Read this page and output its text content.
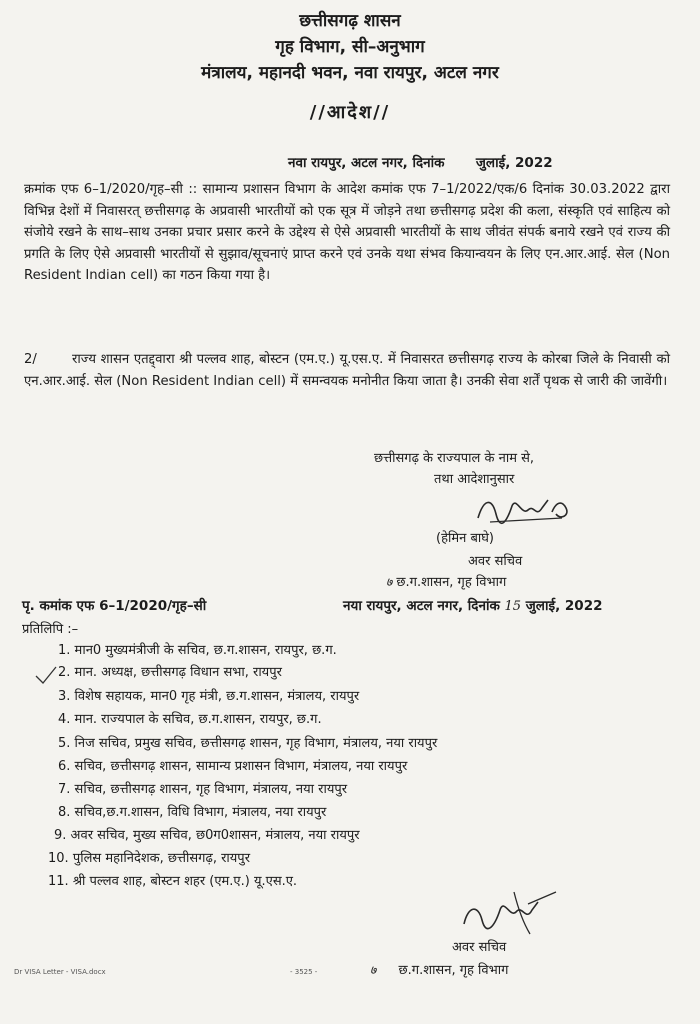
छत्तीसगढ़ शासन
गृह विभाग, सी–अनुभाग
मंत्रालय, महानदी भवन, नवा रायपुर, अटल नगर
//आदेश//
नवा रायपुर, अटल नगर, दिनांक जुलाई, 2022
क्रमांक एफ 6–1/2020/गृह–सी :: सामान्य प्रशासन विभाग के आदेश कमांक एफ 7–1/2022/एक/6 दिनांक 30.03.2022 द्वारा विभिन्न देशों में निवासरत् छत्तीसगढ़ के अप्रवासी भारतीयों को एक सूत्र में जोड़ने तथा छत्तीसगढ़ प्रदेश की कला, संस्कृति एवं साहित्य को संजोये रखने के साथ–साथ उनका प्रचार प्रसार करने के उद्देश्य से ऐसे अप्रवासी भारतीयों के साथ जीवंत संपर्क बनाये रखने एवं राज्य की प्रगति के लिए ऐसे अप्रवासी भारतीयों से सुझाव/सूचनाएं प्राप्त करने एवं उनके यथा संभव कियान्वयन के लिए एन.आर.आई. सेल (Non Resident Indian cell) का गठन किया गया है।
2/	राज्य शासन एतद्द्वारा श्री पल्लव शाह, बोस्टन (एम.ए.) यू.एस.ए. में निवासरत छत्तीसगढ़ राज्य के कोरबा जिले के निवासी को एन.आर.आई. सेल (Non Resident Indian cell) में समन्वयक मनोनीत किया जाता है। उनकी सेवा शर्तें पृथक से जारी की जावेंगी।
छत्तीसगढ़ के राज्यपाल के नाम से,
तथा आदेशानुसार
(हेमिन बाघे)
अवर सचिव
७ छ.ग.शासन, गृह विभाग
पृ. कमांक एफ 6–1/2020/गृह–सी	नया रायपुर, अटल नगर, दिनांक 15 जुलाई, 2022
प्रतिलिपि :–
1. मान0 मुख्यमंत्रीजी के सचिव, छ.ग.शासन, रायपुर, छ.ग.
2. मान. अध्यक्ष, छत्तीसगढ़ विधान सभा, रायपुर
3. विशेष सहायक, मान0 गृह मंत्री, छ.ग.शासन, मंत्रालय, रायपुर
4. मान. राज्यपाल के सचिव, छ.ग.शासन, रायपुर, छ.ग.
5. निज सचिव, प्रमुख सचिव, छत्तीसगढ़ शासन, गृह विभाग, मंत्रालय, नया रायपुर
6. सचिव, छत्तीसगढ़ शासन, सामान्य प्रशासन विभाग, मंत्रालय, नया रायपुर
7. सचिव, छत्तीसगढ़ शासन, गृह विभाग, मंत्रालय, नया रायपुर
8. सचिव,छ.ग.शासन, विधि विभाग, मंत्रालय, नया रायपुर
9. अवर सचिव, मुख्य सचिव, छ0ग0शासन, मंत्रालय, नया रायपुर
10. पुलिस महानिदेशक, छत्तीसगढ़, रायपुर
11. श्री पल्लव शाह, बोस्टन शहर (एम.ए.) यू.एस.ए.
अवर सचिव
७ छ.ग.शासन, गृह विभाग
Dr VISA Letter - VISA.docx	- 3525 -
